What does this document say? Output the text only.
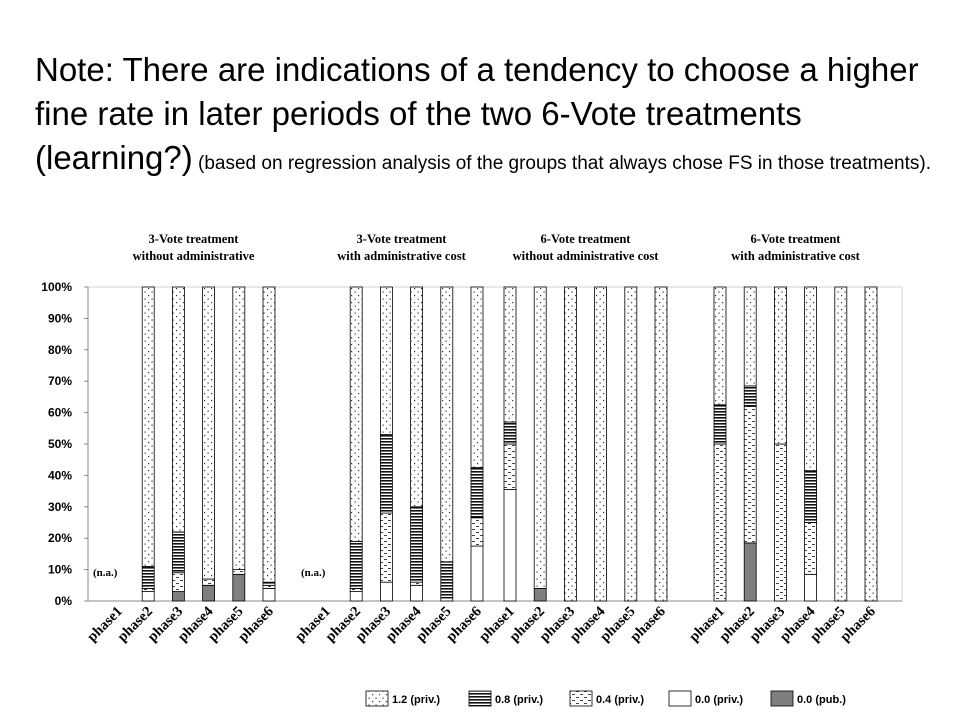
Note: There are indications of a tendency to choose a higher fine rate in later periods of the two 6-Vote treatments (learning?) (based on regression analysis of the groups that always chose FS in those treatments).
0%
10%
20%
30%
40%
50%
60%
70%
80%
90%
100%
3-Vote treatment
without administrative
(n.a.)
phase1
phase2
phase3
phase4
phase5
phase6
3-Vote treatment
with administrative cost
(n.a.)
phase1
phase2
phase3
phase4
phase5
phase6
6-Vote treatment
without administrative cost
phase1
phase2
phase3
phase4
phase5
phase6
6-Vote treatment
with administrative cost
phase1
phase2
phase3
phase4
phase5
phase6
1.2 (priv.)	0.8 (priv.)	0.4 (priv.)	0.0 (priv.)	0.0 (pub.)
